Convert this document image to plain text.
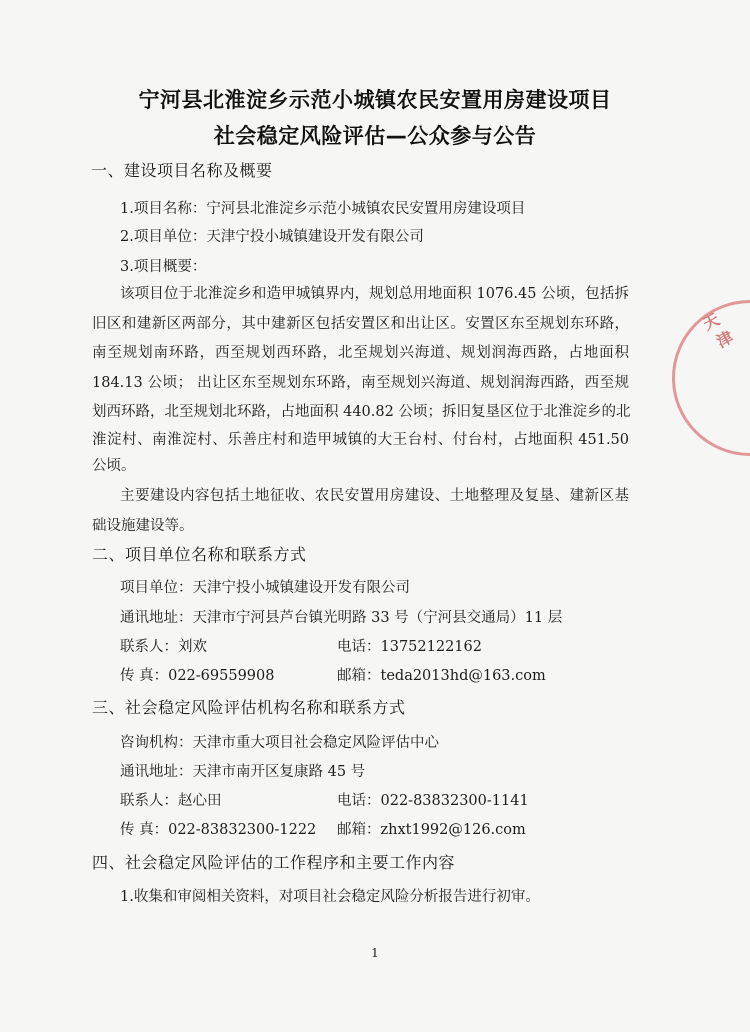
宁河县北淮淀乡示范小城镇农民安置用房建设项目
社会稳定风险评估—公众参与公告
一、建设项目名称及概要
1.项目名称：宁河县北淮淀乡示范小城镇农民安置用房建设项目
2.项目单位：天津宁投小城镇建设开发有限公司
3.项目概要：
该项目位于北淮淀乡和造甲城镇界内，规划总用地面积 1076.45 公顷，包括拆
旧区和建新区两部分，其中建新区包括安置区和出让区。安置区东至规划东环路，
南至规划南环路，西至规划西环路，北至规划兴海道、规划润海西路，占地面积
184.13 公顷； 出让区东至规划东环路，南至规划兴海道、规划润海西路，西至规
划西环路，北至规划北环路，占地面积 440.82 公顷；拆旧复垦区位于北淮淀乡的北
淮淀村、南淮淀村、乐善庄村和造甲城镇的大王台村、付台村，占地面积 451.50
公顷。
主要建设内容包括土地征收、农民安置用房建设、土地整理及复垦、建新区基
础设施建设等。
二、项目单位名称和联系方式
项目单位：天津宁投小城镇建设开发有限公司
通讯地址：天津市宁河县芦台镇光明路 33 号（宁河县交通局）11 层
联系人：刘欢	电话：13752122162
传 真：022-69559908	邮箱：teda2013hd@163.com
三、社会稳定风险评估机构名称和联系方式
咨询机构：天津市重大项目社会稳定风险评估中心
通讯地址：天津市南开区复康路 45 号
联系人：赵心田	电话：022-83832300-1141
传 真：022-83832300-1222 邮箱：zhxt1992@126.com
四、社会稳定风险评估的工作程序和主要工作内容
1.收集和审阅相关资料，对项目社会稳定风险分析报告进行初审。
1
天
津
